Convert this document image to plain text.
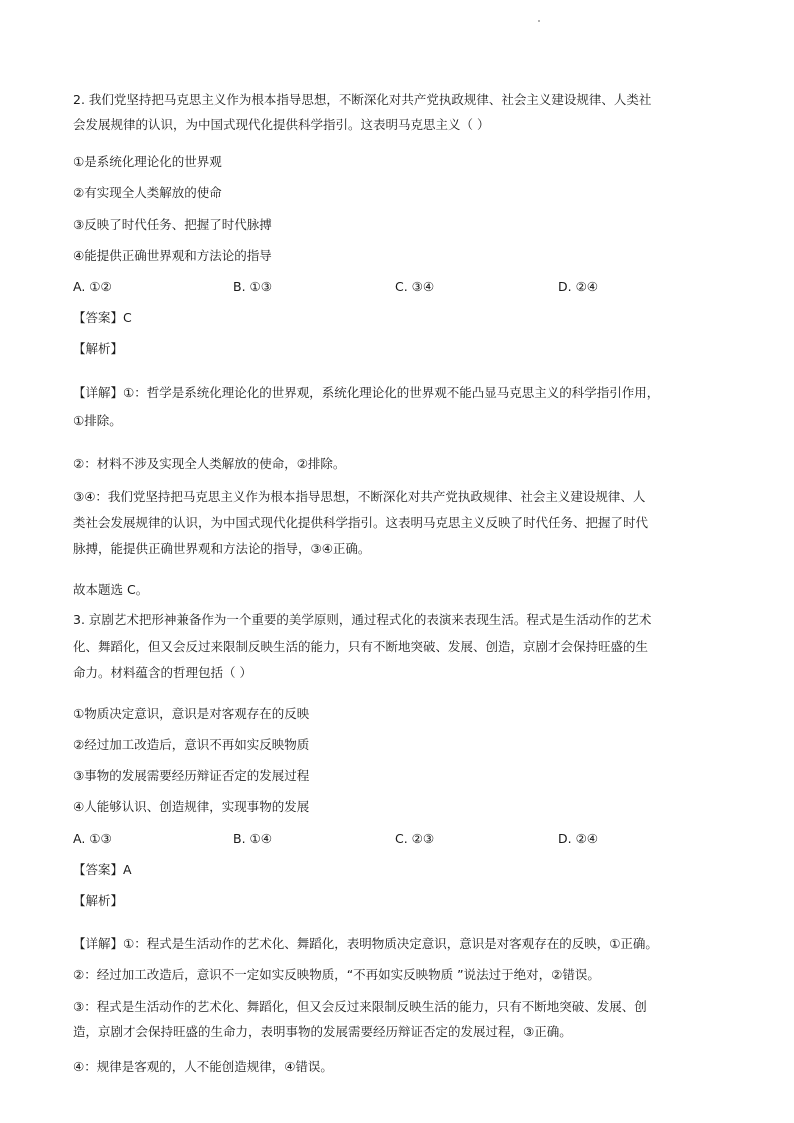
2. 我们党坚持把马克思主义作为根本指导思想，不断深化对共产党执政规律、社会主义建设规律、人类社
会发展规律的认识，为中国式现代化提供科学指引。这表明马克思主义（ ）
①是系统化理论化的世界观
②有实现全人类解放的使命
③反映了时代任务、把握了时代脉搏
④能提供正确世界观和方法论的指导
A. ①②	B. ①③	C. ③④	D. ②④
【答案】C
【解析】
【详解】①：哲学是系统化理论化的世界观，系统化理论化的世界观不能凸显马克思主义的科学指引作用，
①排除。
②：材料不涉及实现全人类解放的使命，②排除。
③④：我们党坚持把马克思主义作为根本指导思想，不断深化对共产党执政规律、社会主义建设规律、人
类社会发展规律的认识，为中国式现代化提供科学指引。这表明马克思主义反映了时代任务、把握了时代
脉搏，能提供正确世界观和方法论的指导，③④正确。
故本题选 C。
3. 京剧艺术把形神兼备作为一个重要的美学原则，通过程式化的表演来表现生活。程式是生活动作的艺术
化、舞蹈化，但又会反过来限制反映生活的能力，只有不断地突破、发展、创造，京剧才会保持旺盛的生
命力。材料蕴含的哲理包括（ ）
①物质决定意识，意识是对客观存在的反映
②经过加工改造后，意识不再如实反映物质
③事物的发展需要经历辩证否定的发展过程
④人能够认识、创造规律，实现事物的发展
A. ①③	B. ①④	C. ②③	D. ②④
【答案】A
【解析】
【详解】①：程式是生活动作的艺术化、舞蹈化，表明物质决定意识，意识是对客观存在的反映，①正确。
②：经过加工改造后，意识不一定如实反映物质，“不再如实反映物质 ”说法过于绝对，②错误。
③：程式是生活动作的艺术化、舞蹈化，但又会反过来限制反映生活的能力，只有不断地突破、发展、创
造，京剧才会保持旺盛的生命力，表明事物的发展需要经历辩证否定的发展过程，③正确。
④：规律是客观的，人不能创造规律，④错误。
